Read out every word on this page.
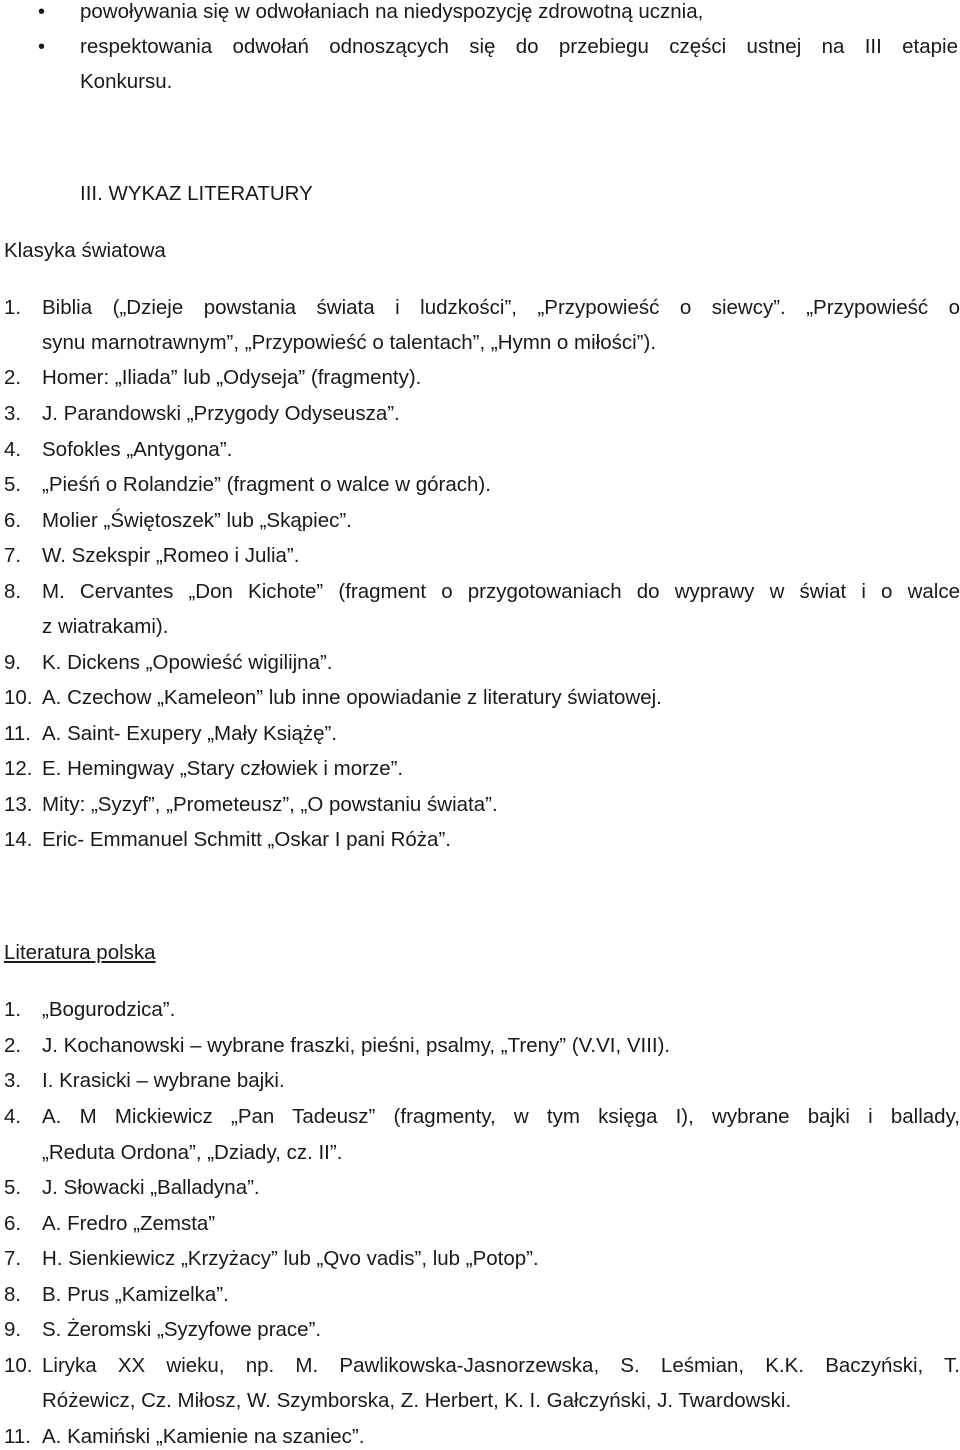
• powoływania się w odwołaniach na niedyspozycję zdrowotną ucznia,
• respektowania odwołań odnoszących się do przebiegu części ustnej na III etapie
Konkursu.
III. WYKAZ LITERATURY
Klasyka światowa
1. Biblia („Dzieje powstania świata i ludzkości”, „Przypowieść o siewcy”. „Przypowieść o
synu marnotrawnym”, „Przypowieść o talentach”, „Hymn o miłości”).
2. Homer: „Iliada” lub „Odyseja” (fragmenty).
3. J. Parandowski „Przygody Odyseusza”.
4. Sofokles „Antygona”.
5. „Pieśń o Rolandzie” (fragment o walce w górach).
6. Molier „Świętoszek” lub „Skąpiec”.
7. W. Szekspir „Romeo i Julia”.
8. M. Cervantes „Don Kichote” (fragment o przygotowaniach do wyprawy w świat i o walce
z wiatrakami).
9. K. Dickens „Opowieść wigilijna”.
10. A. Czechow „Kameleon” lub inne opowiadanie z literatury światowej.
11. A. Saint- Exupery „Mały Książę”.
12. E. Hemingway „Stary człowiek i morze”.
13. Mity: „Syzyf”, „Prometeusz”, „O powstaniu świata”.
14. Eric- Emmanuel Schmitt „Oskar I pani Róża”.
Literatura polska
1. „Bogurodzica”.
2. J. Kochanowski – wybrane fraszki, pieśni, psalmy, „Treny” (V.VI, VIII).
3. I. Krasicki – wybrane bajki.
4. A. M Mickiewicz „Pan Tadeusz” (fragmenty, w tym księga I), wybrane bajki i ballady,
„Reduta Ordona”, „Dziady, cz. II”.
5. J. Słowacki „Balladyna”.
6. A. Fredro „Zemsta”
7. H. Sienkiewicz „Krzyżacy” lub „Qvo vadis”, lub „Potop”.
8. B. Prus „Kamizelka”.
9. S. Żeromski „Syzyfowe prace”.
10. Liryka XX wieku, np. M. Pawlikowska-Jasnorzewska, S. Leśmian, K.K. Baczyński, T.
Różewicz, Cz. Miłosz, W. Szymborska, Z. Herbert, K. I. Gałczyński, J. Twardowski.
11. A. Kamiński „Kamienie na szaniec”.
